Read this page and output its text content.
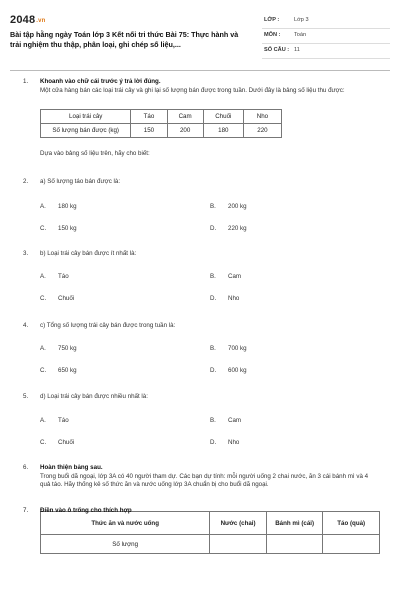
2048.vn
Bài tập hằng ngày Toán lớp 3 Kết nối tri thức Bài 75: Thực hành và trải nghiệm thu thập, phân loại, ghi chép số liệu,...
LỚP :	Lớp 3
MÔN : Toán
SỐ CÂU : 11
1. Khoanh vào chữ cái trước ý trả lời đúng.
Một cửa hàng bán các loại trái cây và ghi lại số lượng bán được trong tuần. Dưới đây là bảng số liệu thu được:
Loại trái cây	Táo	Cam	Chuối	Nho
Số lượng bán được (kg)	150	200	180	220
Dựa vào bảng số liệu trên, hãy cho biết:
2. a) Số lượng táo bán được là:
A.	180 kg	B.	200 kg
C.	150 kg	D.	220 kg
3. b) Loại trái cây bán được ít nhất là:
A.	Táo	B.	Cam
C.	Chuối	D.	Nho
4. c) Tổng số lượng trái cây bán được trong tuần là:
A.	750 kg	B.	700 kg
C.	650 kg	D.	600 kg
5. d) Loại trái cây bán được nhiều nhất là:
A.	Táo	B.	Cam
C.	Chuối	D.	Nho
6. Hoàn thiện bảng sau.
Trong buổi dã ngoại, lớp 3A có 40 người tham dự. Các bạn dự tính: mỗi người uống 2 chai nước, ăn 3 cái bánh mì và 4 quả táo. Hãy thống kê số thức ăn và nước uống lớp 3A chuẩn bị cho buổi dã ngoại.
Thức ăn và nước uống	Nước (chai)	Bánh mì (cái)	Táo (quả)
Số lượng			
7. Điền vào ô trống cho thích hợp
